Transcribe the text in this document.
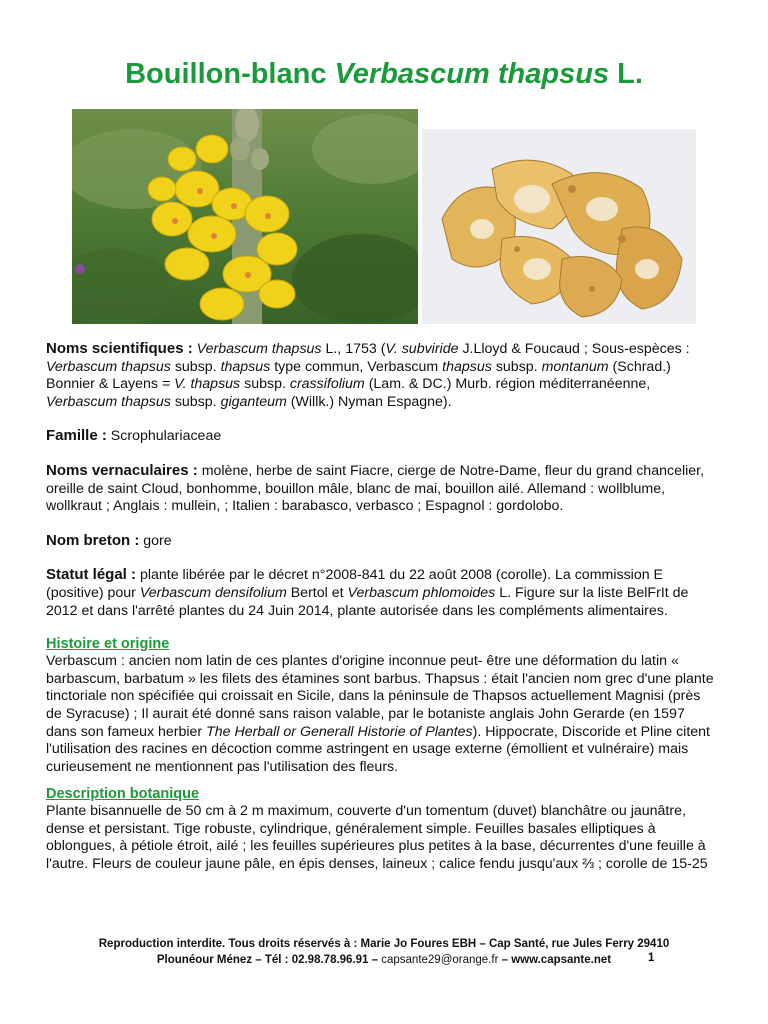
Bouillon-blanc Verbascum thapsus L.

Noms scientifiques : Verbascum thapsus L., 1753 (V. subviride J.Lloyd & Foucaud ; Sous-espèces : Verbascum thapsus subsp. thapsus type commun, Verbascum thapsus subsp. montanum (Schrad.) Bonnier & Layens = V. thapsus subsp. crassifolium (Lam. & DC.) Murb. région méditerranéenne, Verbascum thapsus subsp. giganteum (Willk.) Nyman Espagne).

Famille : Scrophulariaceae

Noms vernaculaires : molène, herbe de saint Fiacre, cierge de Notre-Dame, fleur du grand chancelier, oreille de saint Cloud, bonhomme, bouillon mâle, blanc de mai, bouillon ailé. Allemand : wollblume, wollkraut ; Anglais : mullein, ; Italien : barabasco, verbasco ; Espagnol : gordolobo.

Nom breton : gore

Statut légal : plante libérée par le décret n°2008-841 du 22 août 2008 (corolle). La commission E (positive) pour Verbascum densifolium Bertol et Verbascum phlomoides L. Figure sur la liste BelFrIt de 2012 et dans l'arrêté plantes du 24 Juin 2014, plante autorisée dans les compléments alimentaires.

Histoire et origine

Verbascum : ancien nom latin de ces plantes d'origine inconnue peut- être une déformation du latin « barbascum, barbatum » les filets des étamines sont barbus. Thapsus : était l'ancien nom grec d'une plante tinctoriale non spécifiée qui croissait en Sicile, dans la péninsule de Thapsos actuellement Magnisi (près de Syracuse) ; Il aurait été donné sans raison valable, par le botaniste anglais John Gerarde (en 1597 dans son fameux herbier The Herball or Generall Historie of Plantes). Hippocrate, Discoride et Pline citent l'utilisation des racines en décoction comme astringent en usage externe (émollient et vulnéraire) mais curieusement ne mentionnent pas l'utilisation des fleurs.

Description botanique

Plante bisannuelle de 50 cm à 2 m maximum, couverte d'un tomentum (duvet) blanchâtre ou jaunâtre, dense et persistant. Tige robuste, cylindrique, généralement simple. Feuilles basales elliptiques à oblongues, à pétiole étroit, ailé ; les feuilles supérieures plus petites à la base, décurrentes d'une feuille à l'autre. Fleurs de couleur jaune pâle, en épis denses, laineux ; calice fendu jusqu'aux ⅔ ; corolle de 15-25

Reproduction interdite. Tous droits réservés à : Marie Jo Foures EBH – Cap Santé, rue Jules Ferry 29410
Plounéour Ménez – Tél : 02.98.78.96.91 – capsante29@orange.fr – www.capsante.net	1
